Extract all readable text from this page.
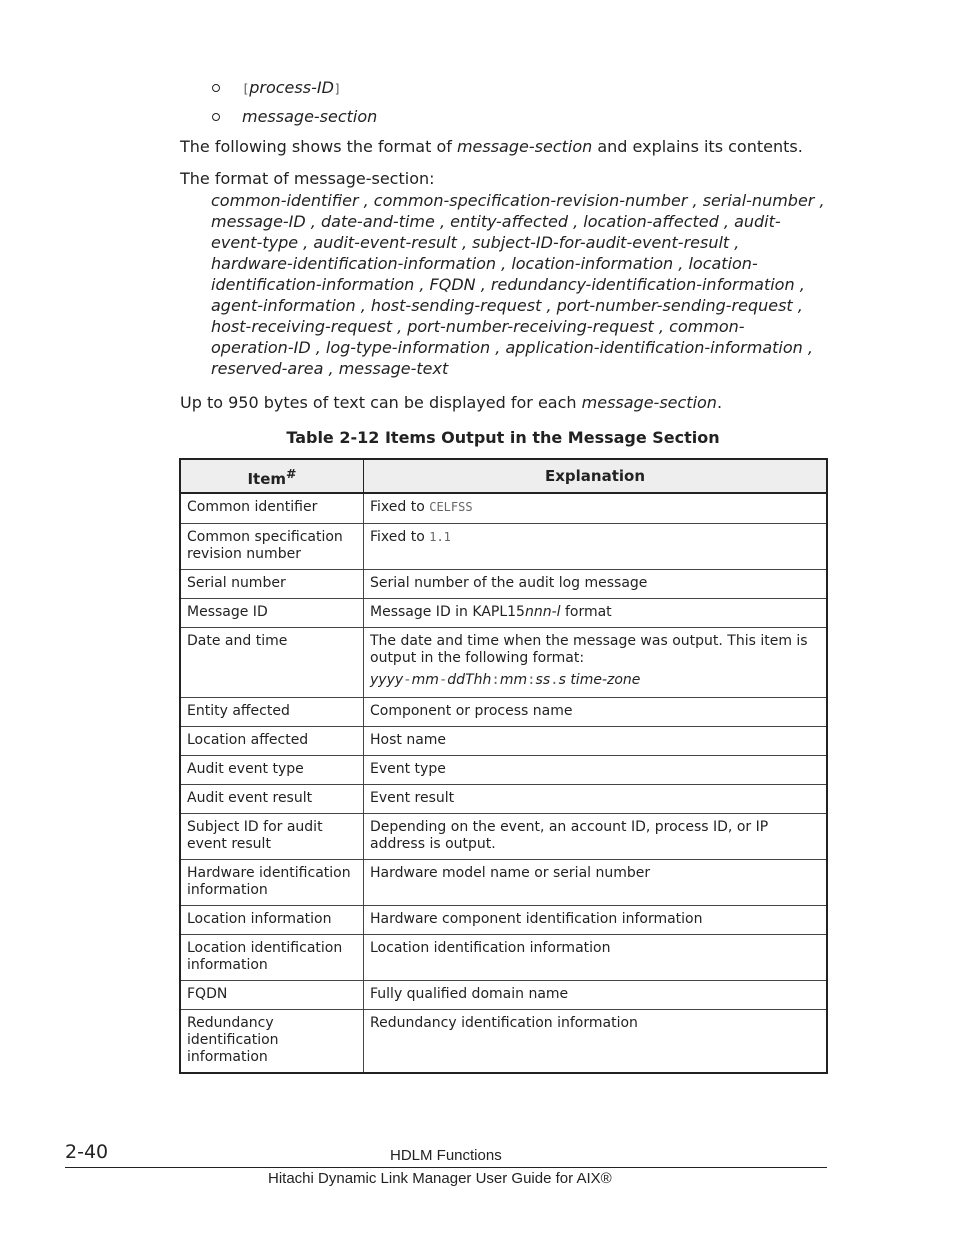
[process-ID]
message-section

The following shows the format of message-section and explains its contents.

The format of message-section:

common-identifier , common-specification-revision-number , serial-number , message-ID , date-and-time , entity-affected , location-affected , audit-event-type , audit-event-result , subject-ID-for-audit-event-result , hardware-identification-information , location-information , location-identification-information , FQDN , redundancy-identification-information , agent-information , host-sending-request , port-number-sending-request , host-receiving-request , port-number-receiving-request , common-operation-ID , log-type-information , application-identification-information , reserved-area , message-text

Up to 950 bytes of text can be displayed for each message-section.

Table 2-12 Items Output in the Message Section

Item#	Explanation
Common identifier	Fixed to CELFSS
Common specification revision number	Fixed to 1.1
Serial number	Serial number of the audit log message
Message ID	Message ID in KAPL15nnn-l format
Date and time	The date and time when the message was output. This item is output in the following format:
yyyy-mm-ddThh:mm:ss.s time-zone

Entity affected	Component or process name
Location affected	Host name
Audit event type	Event type
Audit event result	Event result
Subject ID for audit event result	Depending on the event, an account ID, process ID, or IP address is output.
Hardware identification information	Hardware model name or serial number
Location information	Hardware component identification information
Location identification information	Location identification information
FQDN	Fully qualified domain name
Redundancy identification information	Redundancy identification information

2-40	HDLM Functions

Hitachi Dynamic Link Manager User Guide for AIX®
